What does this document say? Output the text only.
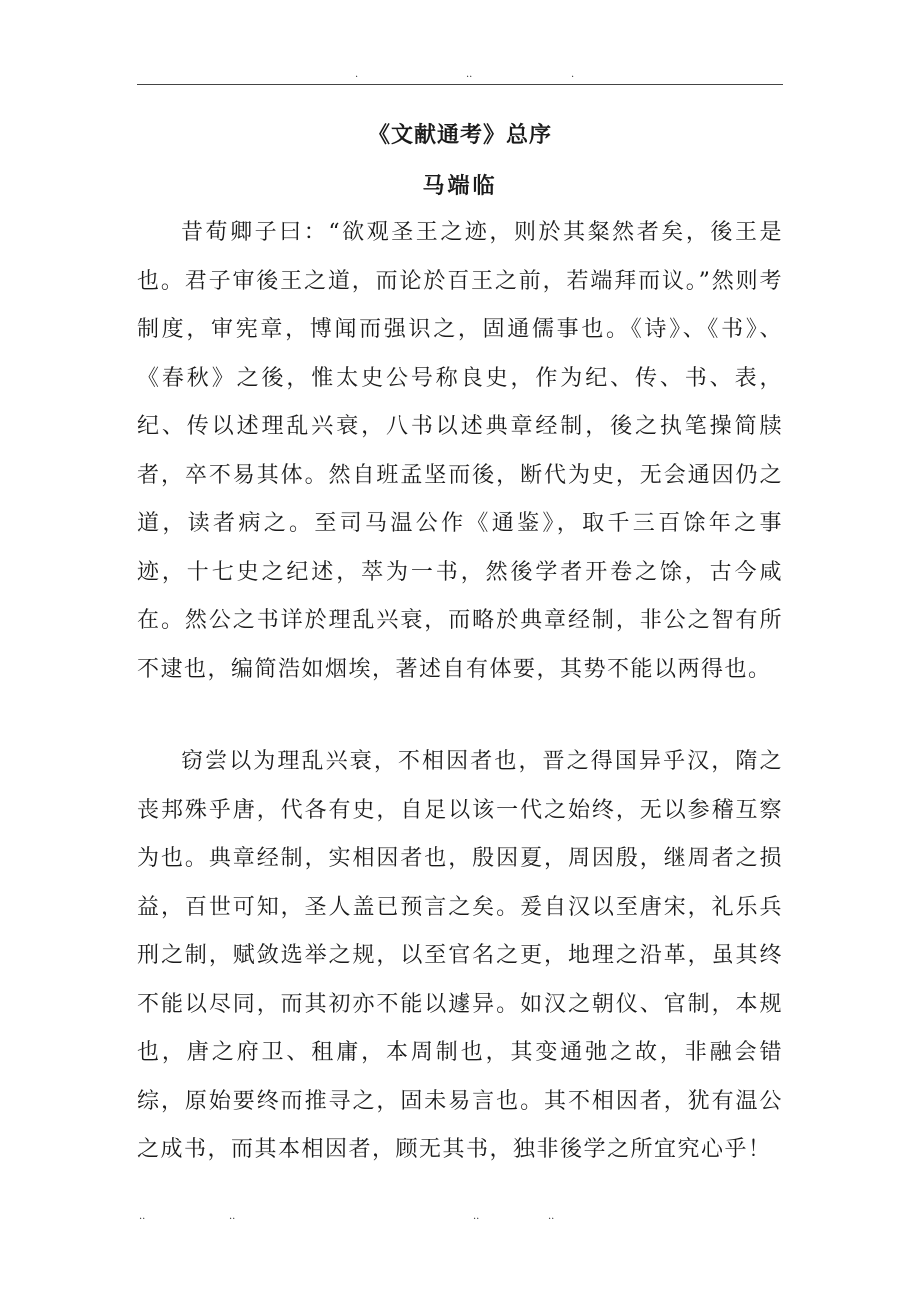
.	..	.
《文献通考》总序
马端临

昔荀卿子曰：“欲观圣王之迹，则於其粲然者矣，後王是也。君子审後王之道，而论於百王之前，若端拜而议。”然则考制度，审宪章，博闻而强识之，固通儒事也。《诗》、《书》、《春秋》之後，惟太史公号称良史，作为纪、传、书、表，纪、传以述理乱兴衰，八书以述典章经制，後之执笔操简牍者，卒不易其体。然自班孟坚而後，断代为史，无会通因仍之道，读者病之。至司马温公作《通鉴》，取千三百馀年之事迹，十七史之纪述，萃为一书，然後学者开卷之馀，古今咸在。然公之书详於理乱兴衰，而略於典章经制，非公之智有所不逮也，编简浩如烟埃，著述自有体要，其势不能以两得也。

窃尝以为理乱兴衰，不相因者也，晋之得国异乎汉，隋之丧邦殊乎唐，代各有史，自足以该一代之始终，无以参稽互察为也。典章经制，实相因者也，殷因夏，周因殷，继周者之损益，百世可知，圣人盖已预言之矣。爰自汉以至唐宋，礼乐兵刑之制，赋敛选举之规，以至官名之更，地理之沿革，虽其终不能以尽同，而其初亦不能以遽异。如汉之朝仪、官制，本规也，唐之府卫、租庸，本周制也，其变通弛之故，非融会错综，原始要终而推寻之，固未易言也。其不相因者，犹有温公之成书，而其本相因者，顾无其书，独非後学之所宜究心乎！

..	..	..	..
